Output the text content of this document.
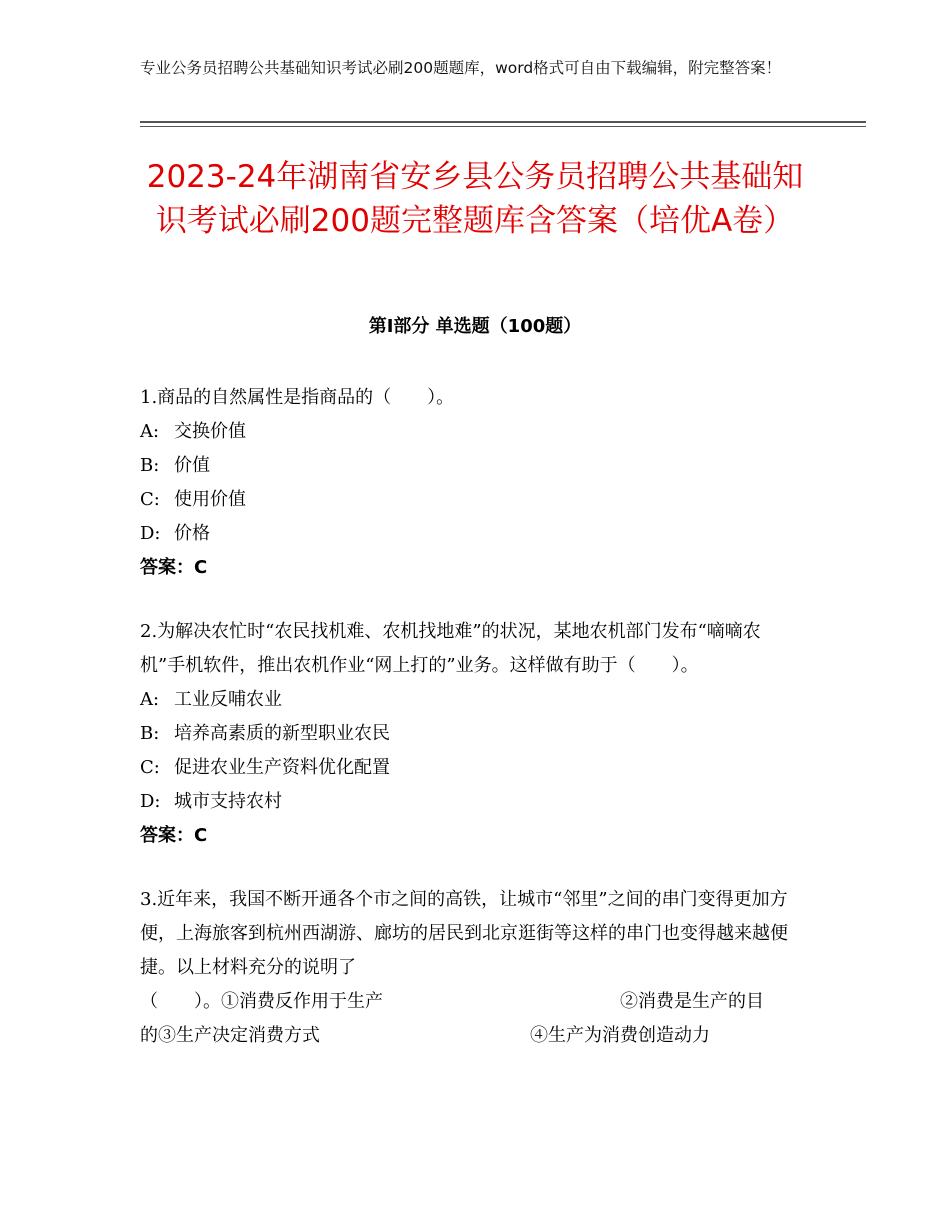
专业公务员招聘公共基础知识考试必刷200题题库，word格式可自由下载编辑，附完整答案！
2023-24年湖南省安乡县公务员招聘公共基础知识考试必刷200题完整题库含答案（培优A卷）
第I部分 单选题（100题）

1.商品的自然属性是指商品的（　　）。

A: 交换价值

B: 价值

C: 使用价值

D: 价格

答案：C

2.为解决农忙时“农民找机难、农机找地难”的状况，某地农机部门发布“嘀嘀农机”手机软件，推出农机作业“网上打的”业务。这样做有助于（　　）。

A: 工业反哺农业

B: 培养高素质的新型职业农民

C: 促进农业生产资料优化配置

D: 城市支持农村

答案：C

3.近年来，我国不断开通各个市之间的高铁，让城市“邻里”之间的串门变得更加方便，上海旅客到杭州西湖游、廊坊的居民到北京逛街等这样的串门也变得越来越便捷。以上材料充分的说明了

（　　）。①消费反作用于生产	②消费是生产的目
的③生产决定消费方式	④生产为消费创造动力
